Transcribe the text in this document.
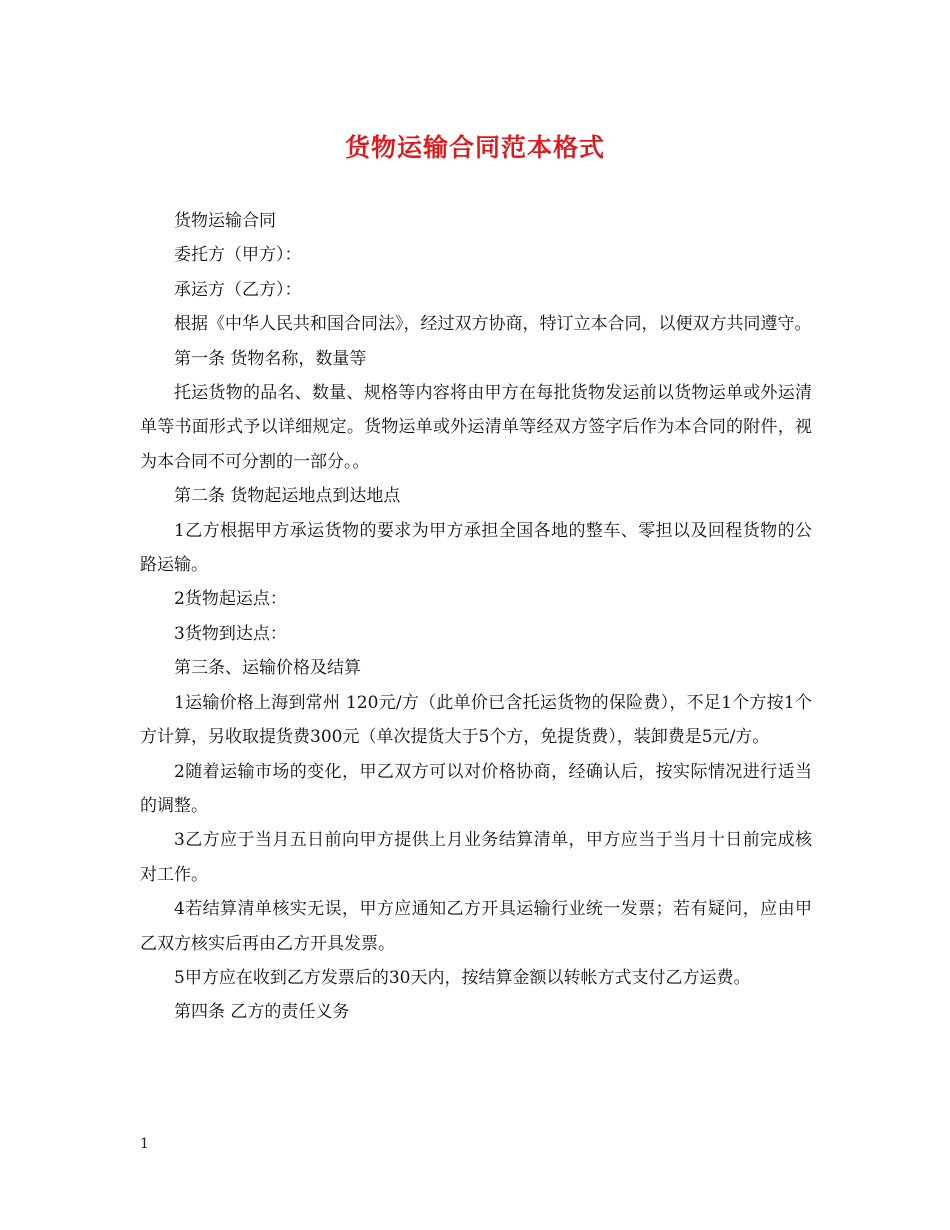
货物运输合同范本格式

货物运输合同

委托方（甲方）：

承运方（乙方）：

根据《中华人民共和国合同法》，经过双方协商，特订立本合同，以便双方共同遵守。

第一条 货物名称，数量等

托运货物的品名、数量、规格等内容将由甲方在每批货物发运前以货物运单或外运清单等书面形式予以详细规定。货物运单或外运清单等经双方签字后作为本合同的附件，视为本合同不可分割的一部分。。

第二条 货物起运地点到达地点

1乙方根据甲方承运货物的要求为甲方承担全国各地的整车、零担以及回程货物的公路运输。

2货物起运点：

3货物到达点：

第三条、运输价格及结算

1运输价格上海到常州 120元/方（此单价已含托运货物的保险费），不足1个方按1个方计算，另收取提货费300元（单次提货大于5个方，免提货费），装卸费是5元/方。

2随着运输市场的变化，甲乙双方可以对价格协商，经确认后，按实际情况进行适当的调整。

3乙方应于当月五日前向甲方提供上月业务结算清单，甲方应当于当月十日前完成核对工作。

4若结算清单核实无误，甲方应通知乙方开具运输行业统一发票；若有疑问，应由甲乙双方核实后再由乙方开具发票。

5甲方应在收到乙方发票后的30天内，按结算金额以转帐方式支付乙方运费。

第四条 乙方的责任义务

1
